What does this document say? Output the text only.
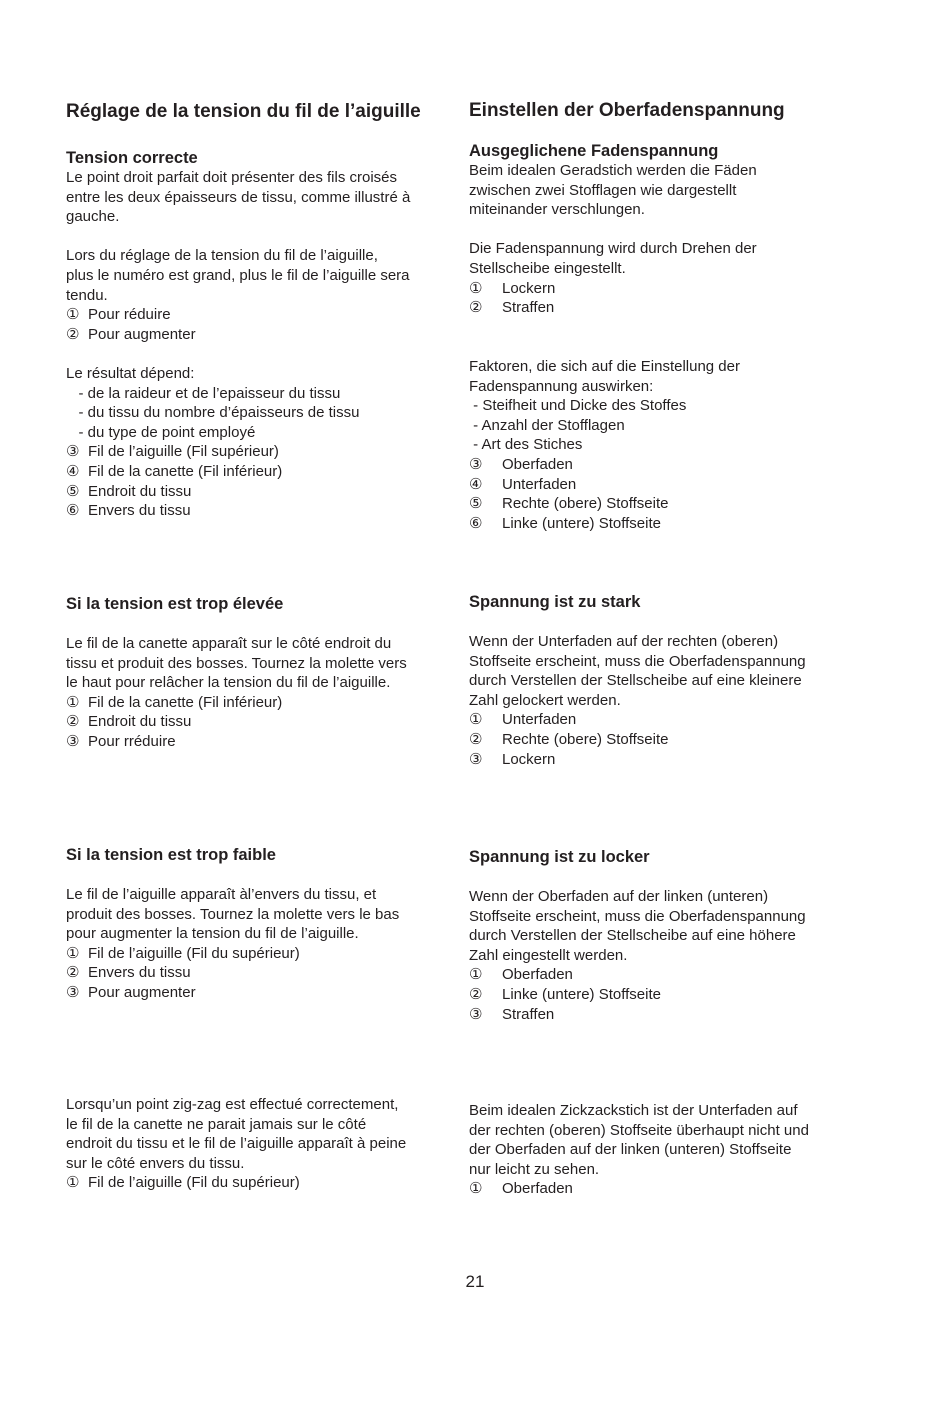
Réglage de la tension du fil de l’aiguille
Tension correcte
Le point droit parfait doit présenter des fils croisés
entre les deux épaisseurs de tissu, comme illustré à
gauche.
Lors du réglage de la tension du fil de l’aiguille,
plus le numéro est grand, plus le fil de l’aiguille sera
tendu.
① Pour réduire
② Pour augmenter
Le résultat dépend:
- de la raideur et de l’epaisseur du tissu
- du tissu du nombre d’épaisseurs de tissu
- du type de point employé
③ Fil de l’aiguille (Fil supérieur)
④ Fil de la canette (Fil inférieur)
⑤ Endroit du tissu
⑥ Envers du tissu
Si la tension est trop élevée
Le fil de la canette apparaît sur le côté endroit du
tissu et produit des bosses. Tournez la molette vers
le haut pour relâcher la tension du fil de l’aiguille.
① Fil de la canette (Fil inférieur)
② Endroit du tissu
③ Pour rréduire
Si la tension est trop faible
Le fil de l’aiguille apparaît àl’envers du tissu, et
produit des bosses. Tournez la molette vers le bas
pour augmenter la tension du fil de l’aiguille.
① Fil de l’aiguille (Fil du supérieur)
② Envers du tissu
③ Pour augmenter
Lorsqu’un point zig-zag est effectué correctement,
le fil de la canette ne parait jamais sur le côté
endroit du tissu et le fil de l’aiguille apparaît à peine
sur le côté envers du tissu.
① Fil de l’aiguille (Fil du supérieur)
Einstellen der Oberfadenspannung
Ausgeglichene Fadenspannung
Beim idealen Geradstich werden die Fäden
zwischen zwei Stofflagen wie dargestellt
miteinander verschlungen.
Die Fadenspannung wird durch Drehen der
Stellscheibe eingestellt.
① Lockern
② Straffen
Faktoren, die sich auf die Einstellung der
Fadenspannung auswirken:
- Steifheit und Dicke des Stoffes
- Anzahl der Stofflagen
- Art des Stiches
③ Oberfaden
④ Unterfaden
⑤ Rechte (obere) Stoffseite
⑥ Linke (untere) Stoffseite
Spannung ist zu stark
Wenn der Unterfaden auf der rechten (oberen)
Stoffseite erscheint, muss die Oberfadenspannung
durch Verstellen der Stellscheibe auf eine kleinere
Zahl gelockert werden.
① Unterfaden
② Rechte (obere) Stoffseite
③ Lockern
Spannung ist zu locker
Wenn der Oberfaden auf der linken (unteren)
Stoffseite erscheint, muss die Oberfadenspannung
durch Verstellen der Stellscheibe auf eine höhere
Zahl eingestellt werden.
① Oberfaden
② Linke (untere) Stoffseite
③ Straffen
Beim idealen Zickzackstich ist der Unterfaden auf
der rechten (oberen) Stoffseite überhaupt nicht und
der Oberfaden auf der linken (unteren) Stoffseite
nur leicht zu sehen.
① Oberfaden
21
